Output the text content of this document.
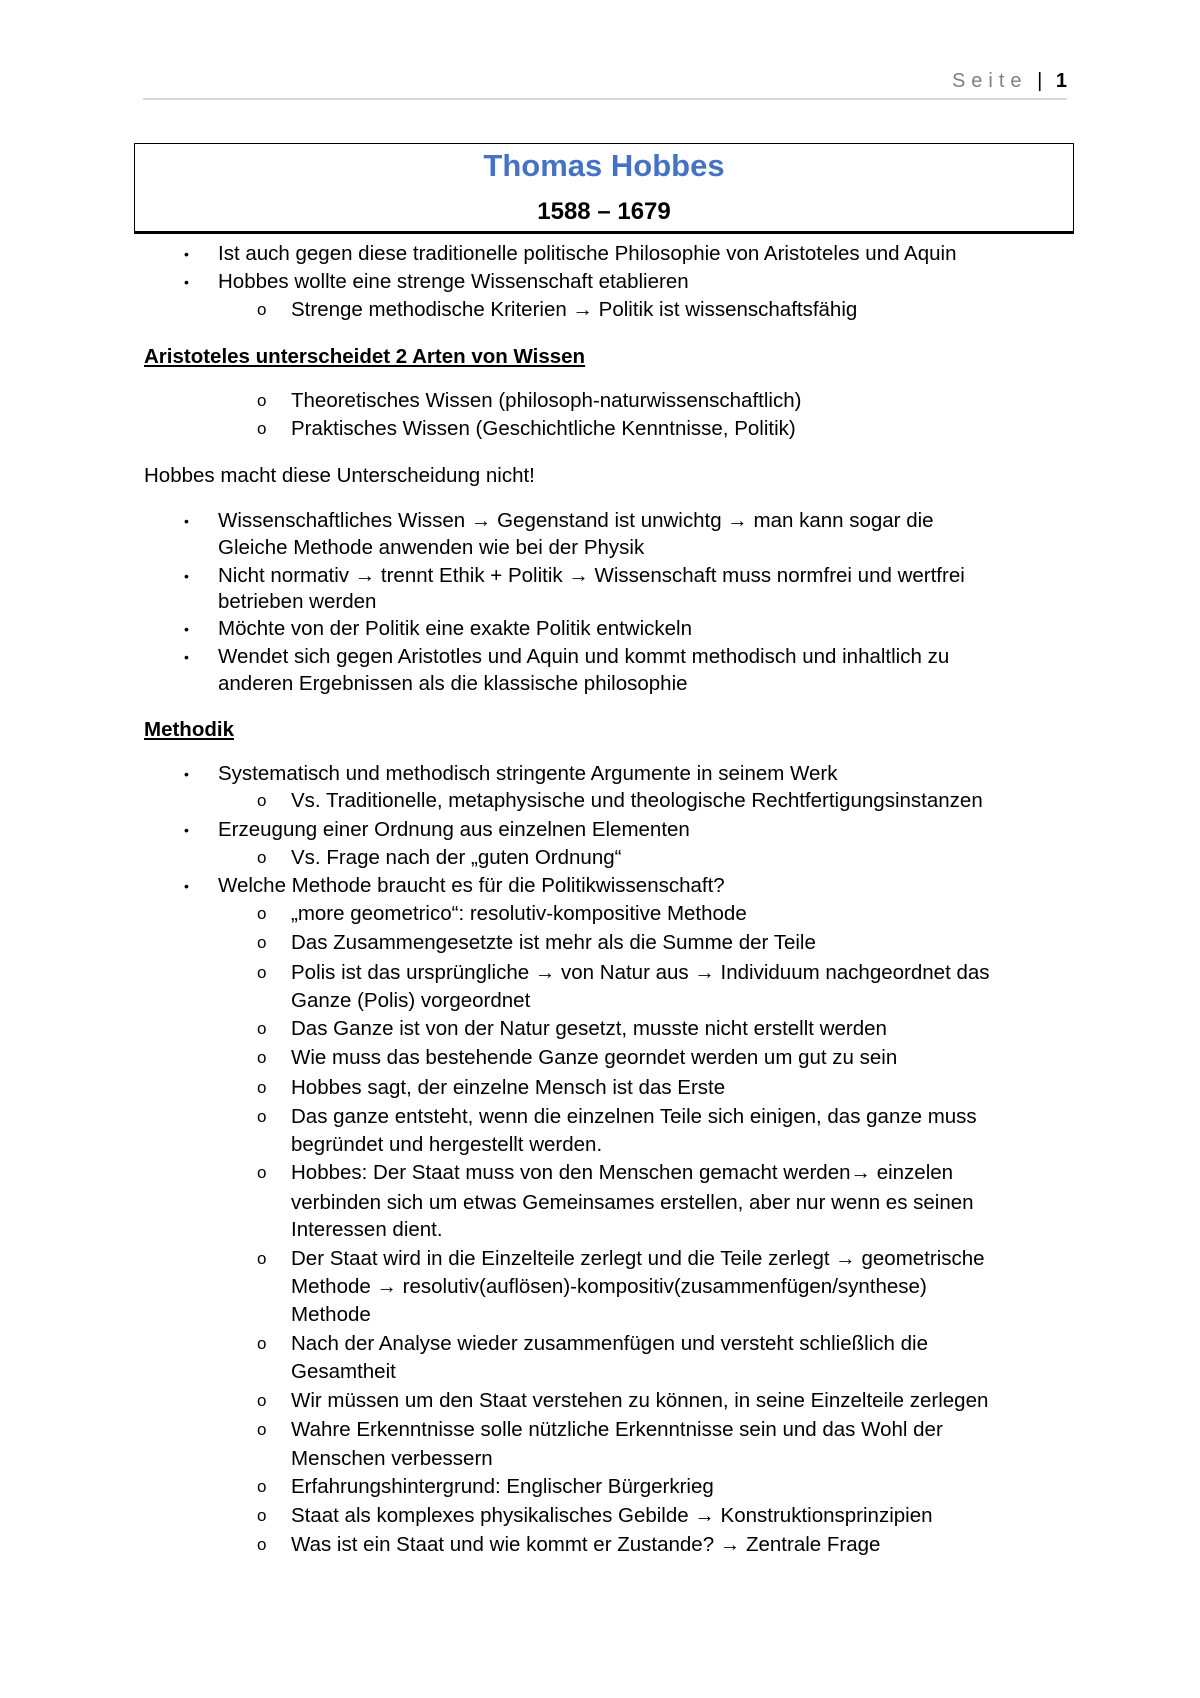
Seite | 1
Thomas Hobbes
1588 – 1679
• Ist auch gegen diese traditionelle politische Philosophie von Aristoteles und Aquin
• Hobbes wollte eine strenge Wissenschaft etablieren
o Strenge methodische Kriterien → Politik ist wissenschaftsfähig
Aristoteles unterscheidet 2 Arten von Wissen
o Theoretisches Wissen (philosoph-naturwissenschaftlich)
o Praktisches Wissen (Geschichtliche Kenntnisse, Politik)
Hobbes macht diese Unterscheidung nicht!
• Wissenschaftliches Wissen → Gegenstand ist unwichtg → man kann sogar die
Gleiche Methode anwenden wie bei der Physik
• Nicht normativ → trennt Ethik + Politik → Wissenschaft muss normfrei und wertfrei
betrieben werden
• Möchte von der Politik eine exakte Politik entwickeln
• Wendet sich gegen Aristotles und Aquin und kommt methodisch und inhaltlich zu
anderen Ergebnissen als die klassische philosophie
Methodik
• Systematisch und methodisch stringente Argumente in seinem Werk
o Vs. Traditionelle, metaphysische und theologische Rechtfertigungsinstanzen
• Erzeugung einer Ordnung aus einzelnen Elementen
o Vs. Frage nach der „guten Ordnung“
• Welche Methode braucht es für die Politikwissenschaft?
o „more geometrico“: resolutiv-kompositive Methode
o Das Zusammengesetzte ist mehr als die Summe der Teile
o Polis ist das ursprüngliche → von Natur aus → Individuum nachgeordnet das
Ganze (Polis) vorgeordnet
o Das Ganze ist von der Natur gesetzt, musste nicht erstellt werden
o Wie muss das bestehende Ganze georndet werden um gut zu sein
o Hobbes sagt, der einzelne Mensch ist das Erste
o Das ganze entsteht, wenn die einzelnen Teile sich einigen, das ganze muss
begründet und hergestellt werden.
o Hobbes: Der Staat muss von den Menschen gemacht werden→ einzelen
verbinden sich um etwas Gemeinsames erstellen, aber nur wenn es seinen
Interessen dient.
o Der Staat wird in die Einzelteile zerlegt und die Teile zerlegt → geometrische
Methode → resolutiv(auflösen)-kompositiv(zusammenfügen/synthese)
Methode
o Nach der Analyse wieder zusammenfügen und versteht schließlich die
Gesamtheit
o Wir müssen um den Staat verstehen zu können, in seine Einzelteile zerlegen
o Wahre Erkenntnisse solle nützliche Erkenntnisse sein und das Wohl der
Menschen verbessern
o Erfahrungshintergrund: Englischer Bürgerkrieg
o Staat als komplexes physikalisches Gebilde → Konstruktionsprinzipien
o Was ist ein Staat und wie kommt er Zustande? → Zentrale Frage
